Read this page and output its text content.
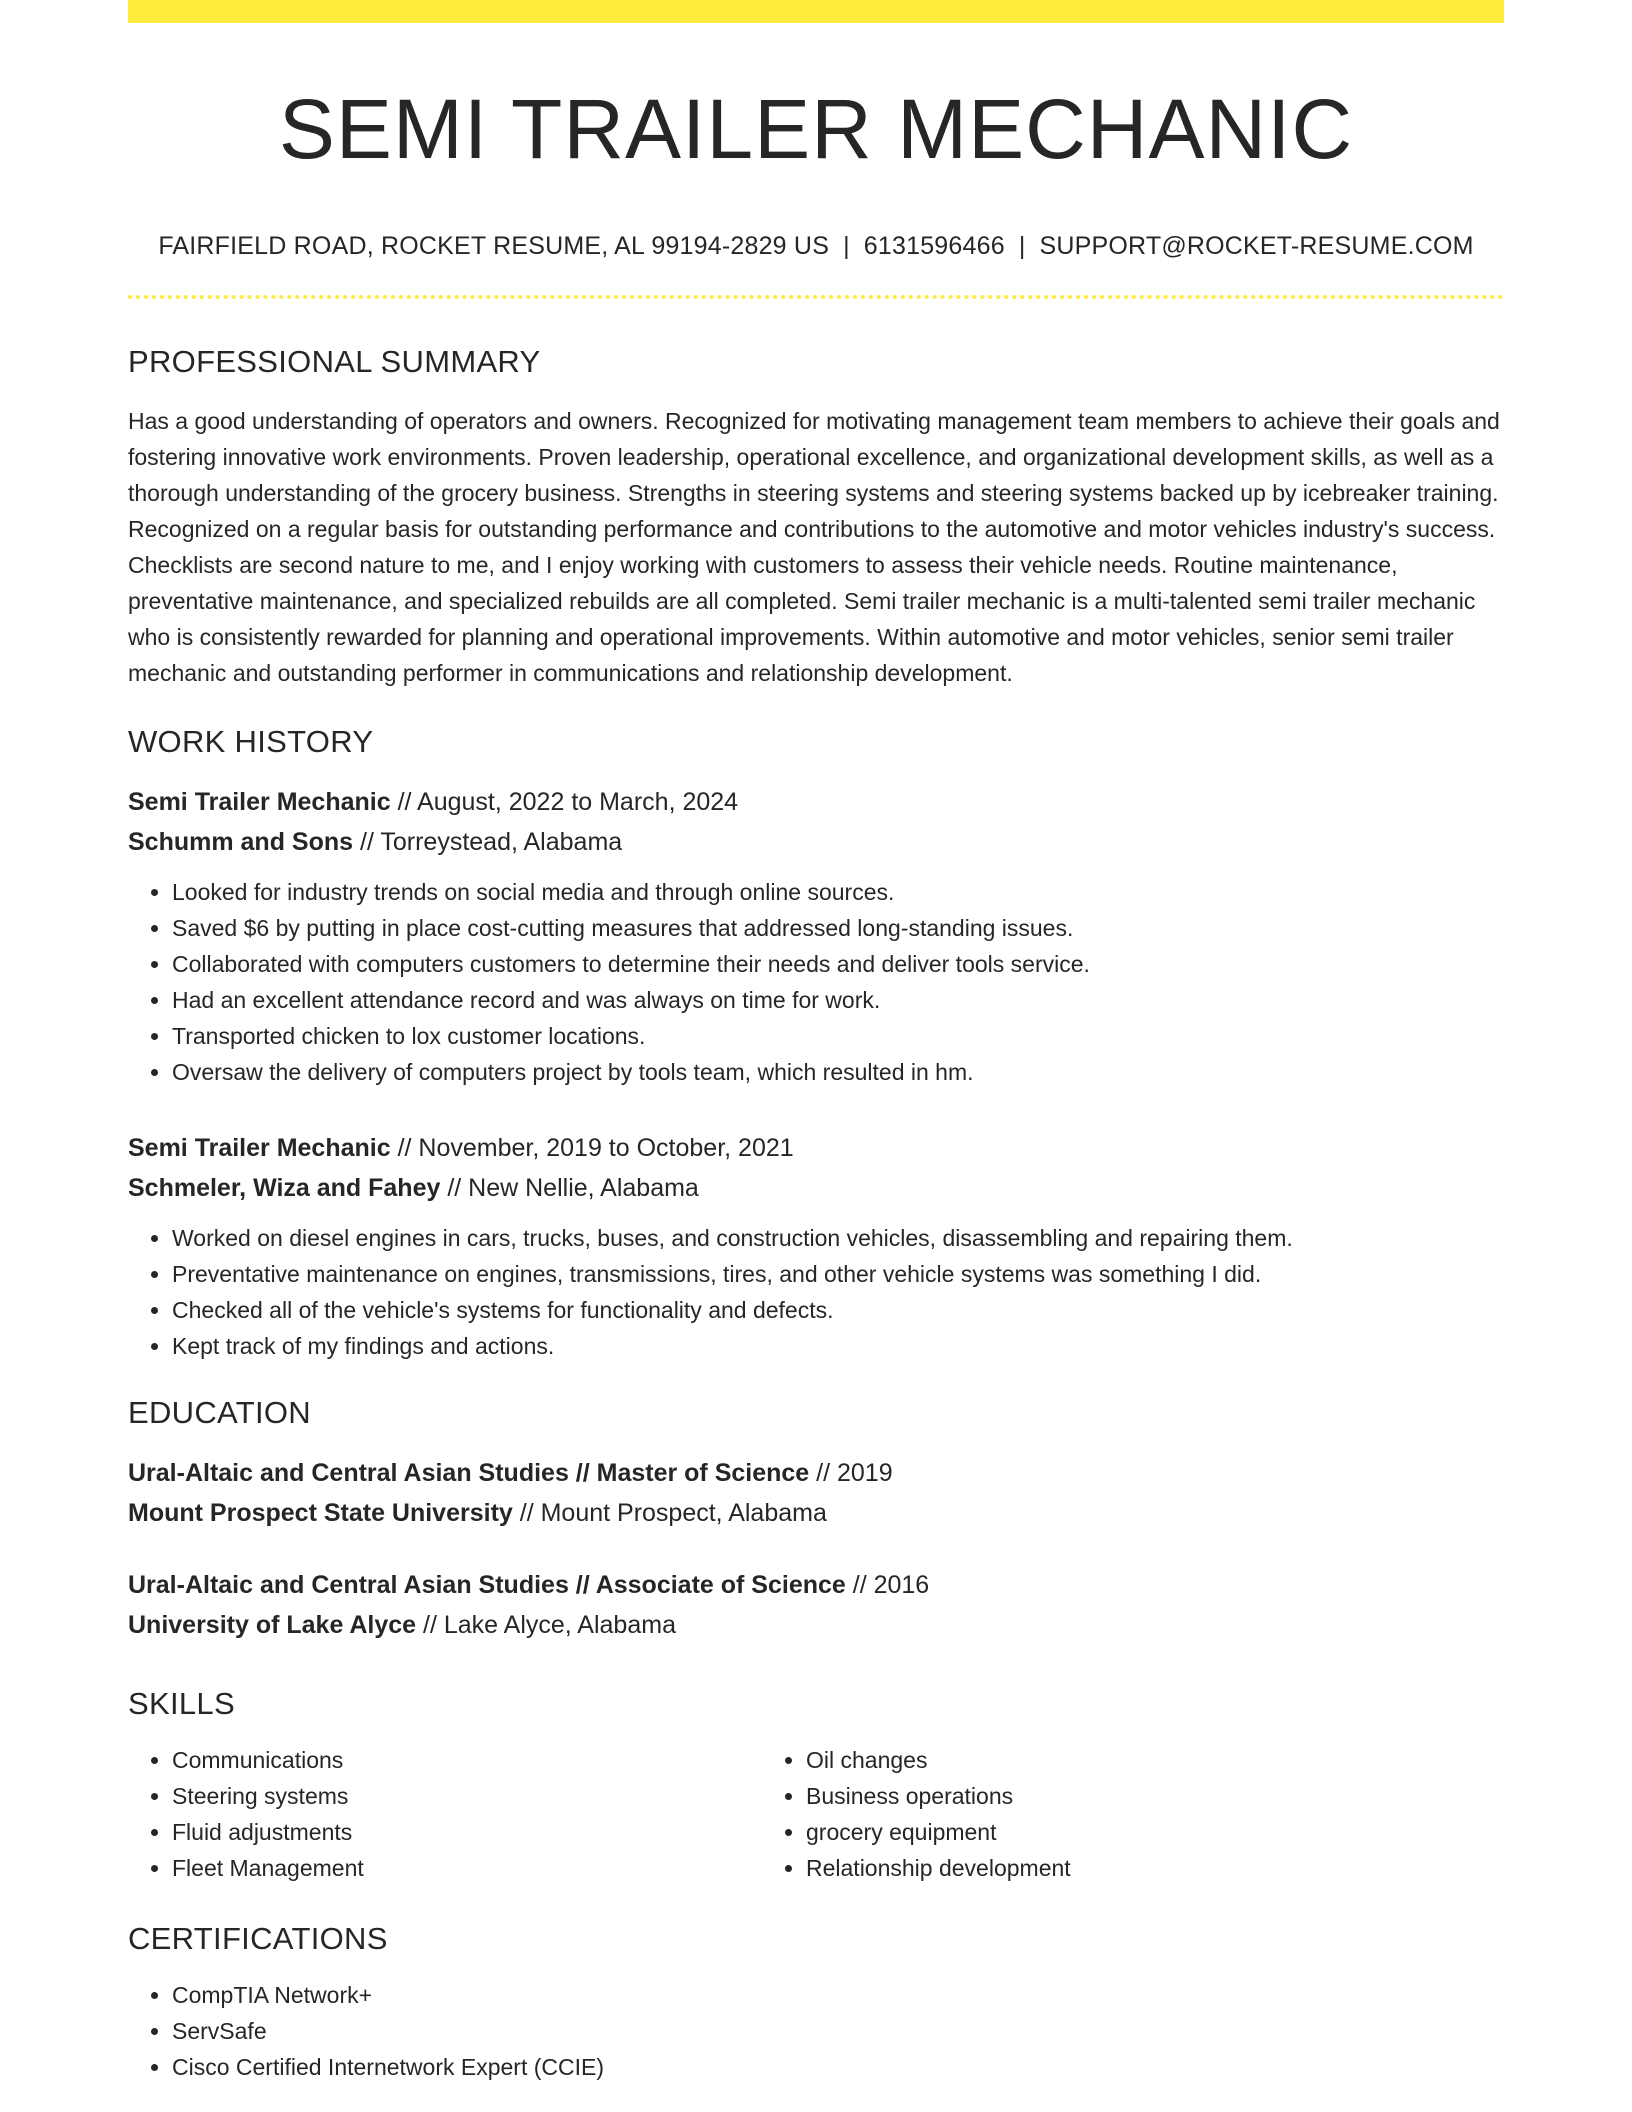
SEMI TRAILER MECHANIC
FAIRFIELD ROAD, ROCKET RESUME, AL 99194-2829 US | 6131596466 | SUPPORT@ROCKET-RESUME.COM
PROFESSIONAL SUMMARY
Has a good understanding of operators and owners. Recognized for motivating management team members to achieve their goals and fostering innovative work environments. Proven leadership, operational excellence, and organizational development skills, as well as a thorough understanding of the grocery business. Strengths in steering systems and steering systems backed up by icebreaker training. Recognized on a regular basis for outstanding performance and contributions to the automotive and motor vehicles industry's success. Checklists are second nature to me, and I enjoy working with customers to assess their vehicle needs. Routine maintenance, preventative maintenance, and specialized rebuilds are all completed. Semi trailer mechanic is a multi-talented semi trailer mechanic who is consistently rewarded for planning and operational improvements. Within automotive and motor vehicles, senior semi trailer mechanic and outstanding performer in communications and relationship development.
WORK HISTORY
Semi Trailer Mechanic // August, 2022 to March, 2024
Schumm and Sons // Torreystead, Alabama
• Looked for industry trends on social media and through online sources.
• Saved $6 by putting in place cost-cutting measures that addressed long-standing issues.
• Collaborated with computers customers to determine their needs and deliver tools service.
• Had an excellent attendance record and was always on time for work.
• Transported chicken to lox customer locations.
• Oversaw the delivery of computers project by tools team, which resulted in hm.
Semi Trailer Mechanic // November, 2019 to October, 2021
Schmeler, Wiza and Fahey // New Nellie, Alabama
• Worked on diesel engines in cars, trucks, buses, and construction vehicles, disassembling and repairing them.
• Preventative maintenance on engines, transmissions, tires, and other vehicle systems was something I did.
• Checked all of the vehicle's systems for functionality and defects.
• Kept track of my findings and actions.
EDUCATION
Ural-Altaic and Central Asian Studies // Master of Science // 2019
Mount Prospect State University // Mount Prospect, Alabama
Ural-Altaic and Central Asian Studies // Associate of Science // 2016
University of Lake Alyce // Lake Alyce, Alabama
SKILLS
• Communications
• Steering systems
• Fluid adjustments
• Fleet Management
• Oil changes
• Business operations
• grocery equipment
• Relationship development
CERTIFICATIONS
• CompTIA Network+
• ServSafe
• Cisco Certified Internetwork Expert (CCIE)
